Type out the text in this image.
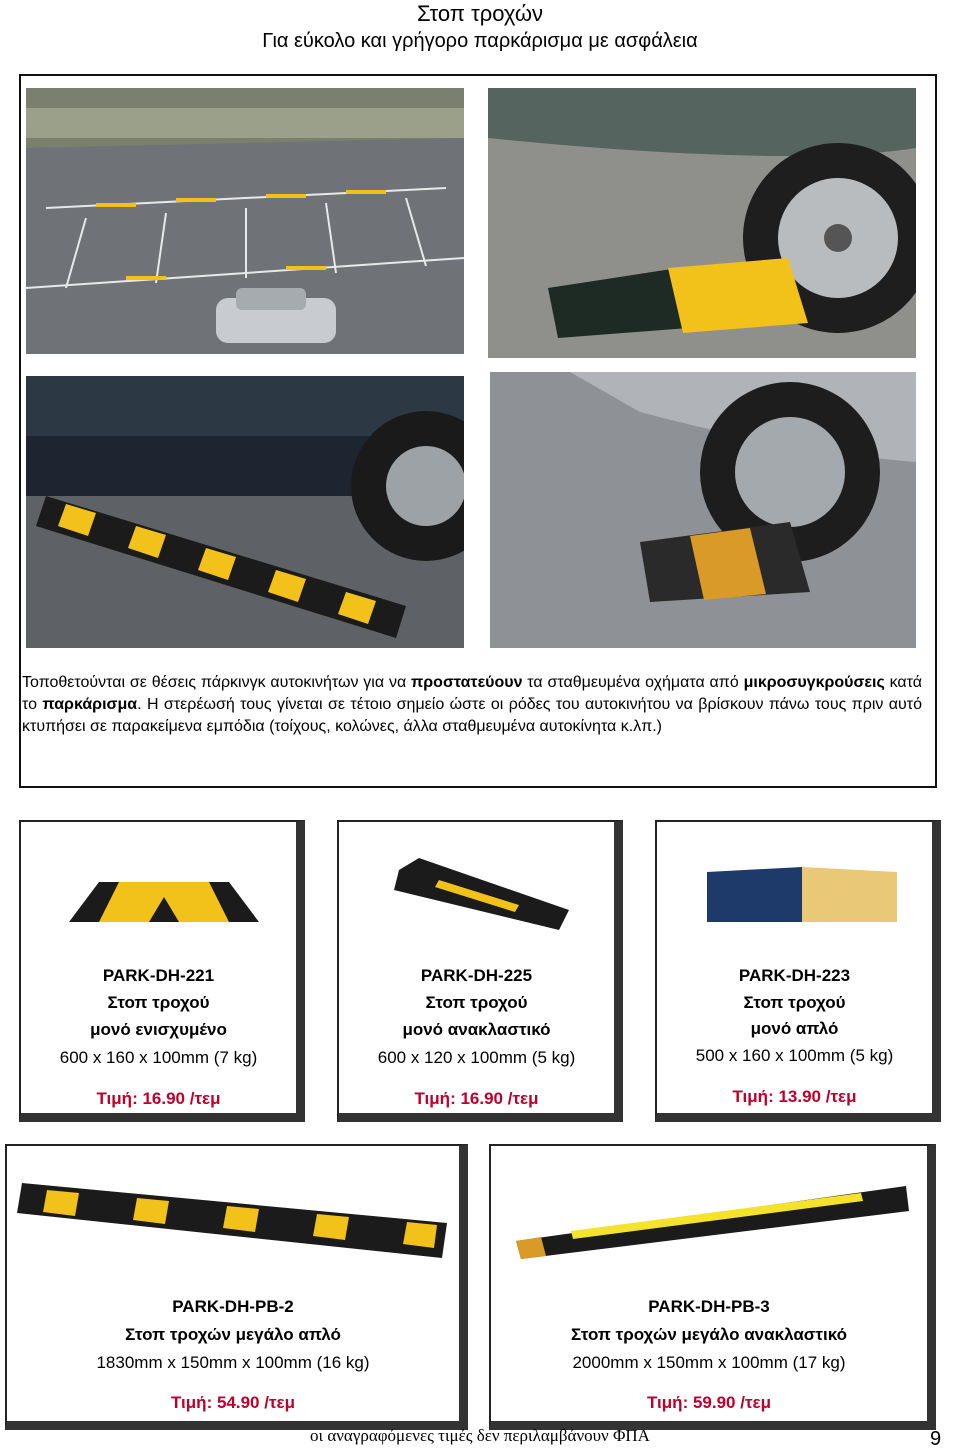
Στοπ τροχών
Για εύκολο και γρήγορο παρκάρισμα με ασφάλεια
Τοποθετούνται σε θέσεις πάρκινγκ αυτοκινήτων για να προστατεύουν τα σταθμευμένα οχήματα από μικροσυγκρούσεις κατά το παρκάρισμα. Η στερέωσή τους γίνεται σε τέτοιο σημείο ώστε οι ρόδες του αυτοκινήτου να βρίσκουν πάνω τους πριν αυτό κτυπήσει σε παρακείμενα εμπόδια (τοίχους, κολώνες, άλλα σταθμευμένα αυτοκίνητα κ.λπ.)
PARK-DH-221
Στοπ τροχού
μονό ενισχυμένο
600 x 160 x 100mm (7 kg)
Τιμή: 16.90 /τεμ
PARK-DH-225
Στοπ τροχού
μονό ανακλαστικό
600 x 120 x 100mm (5 kg)
Τιμή: 16.90 /τεμ
PARK-DH-223
Στοπ τροχού
μονό απλό
500 x 160 x 100mm (5 kg)
Τιμή: 13.90 /τεμ
PARK-DH-PB-2
Στοπ τροχών μεγάλο απλό
1830mm x 150mm x 100mm (16 kg)
Τιμή: 54.90 /τεμ
PARK-DH-PB-3
Στοπ τροχών μεγάλο ανακλαστικό
2000mm x 150mm x 100mm (17 kg)
Τιμή: 59.90 /τεμ
οι αναγραφόμενες τιμές δεν περιλαμβάνουν ΦΠΑ	9
